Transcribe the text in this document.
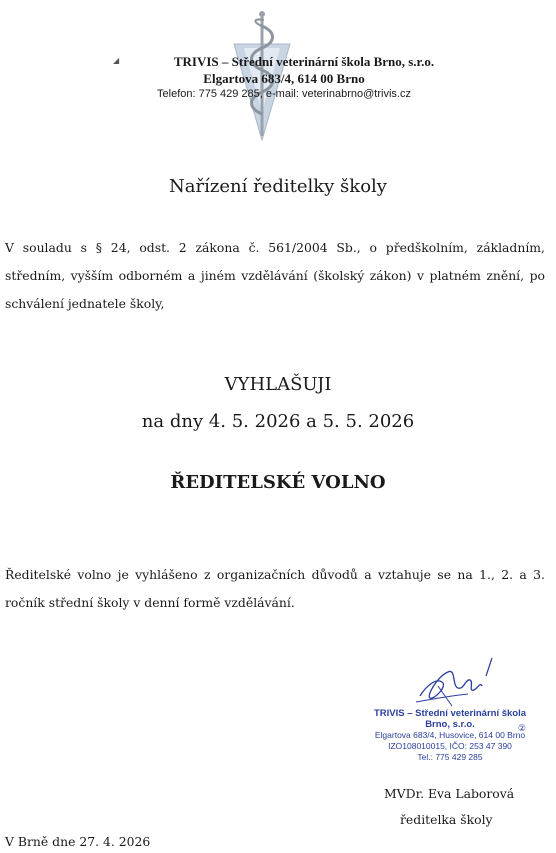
◢	TRIVIS – Střední veterinární škola Brno, s.r.o.
Elgartova 683/4, 614 00 Brno
Telefon: 775 429 285, e-mail: veterinabrno@trivis.cz
Nařízení ředitelky školy
V souladu s § 24, odst. 2 zákona č. 561/2004 Sb., o předškolním, základním, středním, vyšším odborném a jiném vzdělávání (školský zákon) v platném znění, po schválení jednatele školy,
VYHLAŠUJI
na dny 4. 5. 2026 a 5. 5. 2026
ŘEDITELSKÉ VOLNO
Ředitelské volno je vyhlášeno z organizačních důvodů a vztahuje se na 1., 2. a 3. ročník střední školy v denní formě vzdělávání.
TRIVIS – Střední veterinární škola
Brno, s.r.o.	②
Elgartova 683/4, Husovice, 614 00 Brno
IZO108010015, IČO: 253 47 390
Tel.: 775 429 285
MVDr. Eva Laborová
ředitelka školy
V Brně dne 27. 4. 2026
